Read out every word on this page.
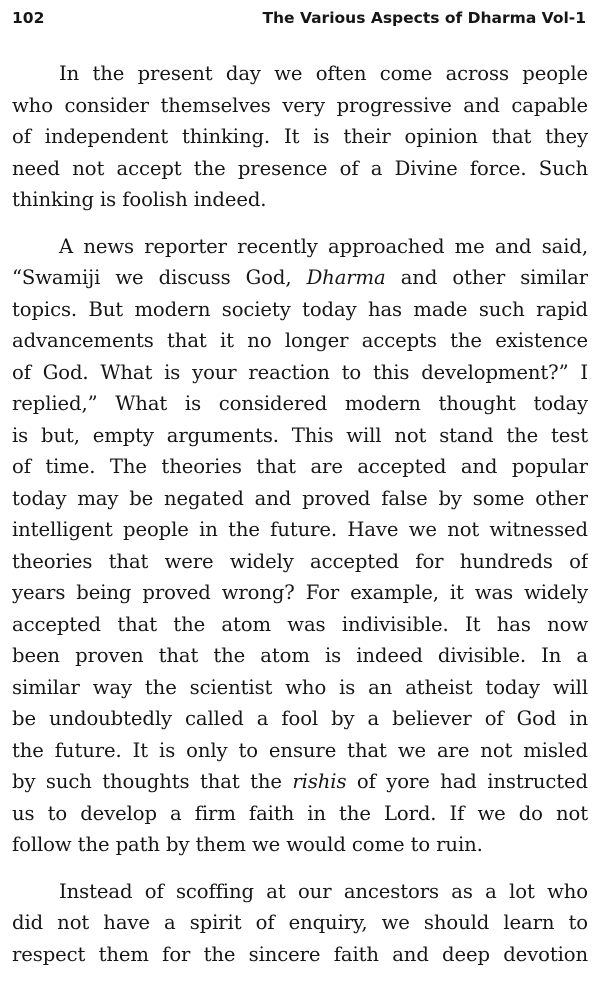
102	The Various Aspects of Dharma Vol-1

In the present day we often come across people
who consider themselves very progressive and capable
of independent thinking. It is their opinion that they
need not accept the presence of a Divine force. Such
thinking is foolish indeed.

A news reporter recently approached me and said,
“Swamiji we discuss God, Dharma and other similar
topics. But modern society today has made such rapid
advancements that it no longer accepts the existence
of God. What is your reaction to this development?” I
replied,” What is considered modern thought today
is but, empty arguments. This will not stand the test
of time. The theories that are accepted and popular
today may be negated and proved false by some other
intelligent people in the future. Have we not witnessed
theories that were widely accepted for hundreds of
years being proved wrong? For example, it was widely
accepted that the atom was indivisible. It has now
been proven that the atom is indeed divisible. In a
similar way the scientist who is an atheist today will
be undoubtedly called a fool by a believer of God in
the future. It is only to ensure that we are not misled
by such thoughts that the rishis of yore had instructed
us to develop a firm faith in the Lord. If we do not
follow the path by them we would come to ruin.

Instead of scoffing at our ancestors as a lot who
did not have a spirit of enquiry, we should learn to
respect them for the sincere faith and deep devotion
